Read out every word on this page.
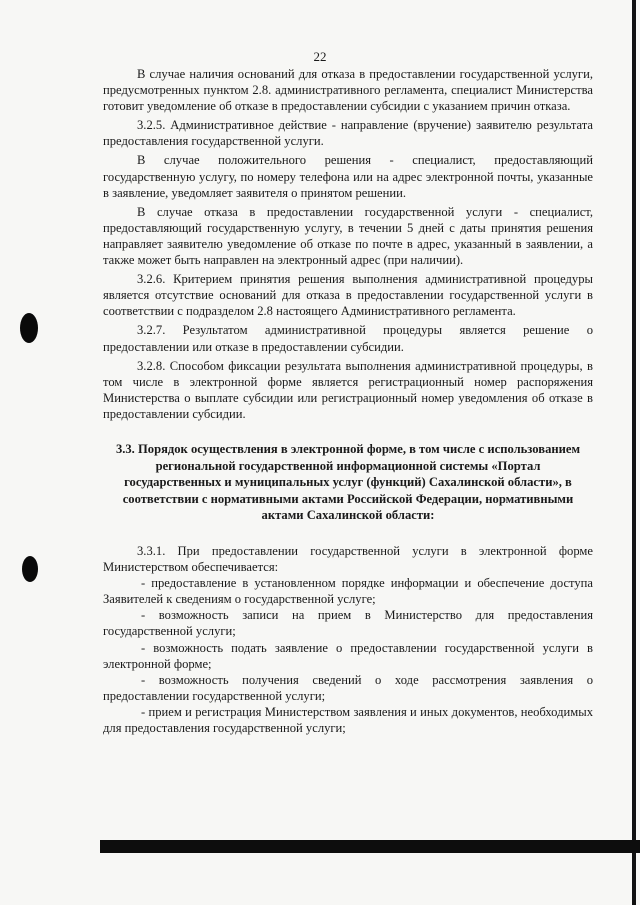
22

В случае наличия оснований для отказа в предоставлении государственной услуги, предусмотренных пунктом 2.8. административного регламента, специалист Министерства готовит уведомление об отказе в предоставлении субсидии с указанием причин отказа.

3.2.5. Административное действие - направление (вручение) заявителю результата предоставления государственной услуги.

В случае положительного решения - специалист, предоставляющий государственную услугу, по номеру телефона или на адрес электронной почты, указанные в заявление, уведомляет заявителя о принятом решении.

В случае отказа в предоставлении государственной услуги - специалист, предоставляющий государственную услугу, в течении 5 дней с даты принятия решения направляет заявителю уведомление об отказе по почте в адрес, указанный в заявлении, а также может быть направлен на электронный адрес (при наличии).

3.2.6. Критерием принятия решения выполнения административной процедуры является отсутствие оснований для отказа в предоставлении государственной услуги в соответствии с подразделом 2.8 настоящего Административного регламента.

3.2.7. Результатом административной процедуры является решение о предоставлении или отказе в предоставлении субсидии.

3.2.8. Способом фиксации результата выполнения административной процедуры, в том числе в электронной форме является регистрационный номер распоряжения Министерства о выплате субсидии или регистрационный номер уведомления об отказе в предоставлении субсидии.

3.3. Порядок осуществления в электронной форме, в том числе с использованием региональной государственной информационной системы «Портал государственных и муниципальных услуг (функций) Сахалинской области», в соответствии с нормативными актами Российской Федерации, нормативными актами Сахалинской области:

3.3.1. При предоставлении государственной услуги в электронной форме Министерством обеспечивается:

- предоставление в установленном порядке информации и обеспечение доступа Заявителей к сведениям о государственной услуге;

- возможность записи на прием в Министерство для предоставления государственной услуги;

- возможность подать заявление о предоставлении государственной услуги в электронной форме;

- возможность получения сведений о ходе рассмотрения заявления о предоставлении государственной услуги;

- прием и регистрация Министерством заявления и иных документов, необходимых для предоставления государственной услуги;
